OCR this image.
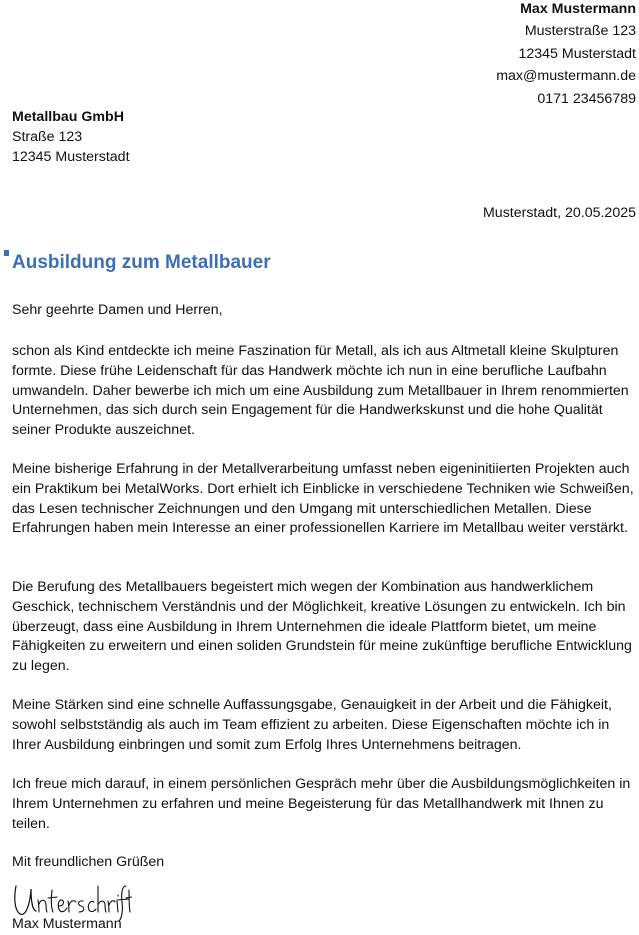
Max Mustermann
Musterstraße 123
12345 Musterstadt
max@mustermann.de
0171 23456789
Metallbau GmbH
Straße 123
12345 Musterstadt
Musterstadt, 20.05.2025
Ausbildung zum Metallbauer

Sehr geehrte Damen und Herren,

schon als Kind entdeckte ich meine Faszination für Metall, als ich aus Altmetall kleine Skulpturen formte. Diese frühe Leidenschaft für das Handwerk möchte ich nun in eine berufliche Laufbahn umwandeln. Daher bewerbe ich mich um eine Ausbildung zum Metallbauer in Ihrem renommierten Unternehmen, das sich durch sein Engagement für die Handwerkskunst und die hohe Qualität seiner Produkte auszeichnet.

Meine bisherige Erfahrung in der Metallverarbeitung umfasst neben eigeninitiierten Projekten auch ein Praktikum bei MetalWorks. Dort erhielt ich Einblicke in verschiedene Techniken wie Schweißen, das Lesen technischer Zeichnungen und den Umgang mit unterschiedlichen Metallen. Diese Erfahrungen haben mein Interesse an einer professionellen Karriere im Metallbau weiter verstärkt.

Die Berufung des Metallbauers begeistert mich wegen der Kombination aus handwerklichem Geschick, technischem Verständnis und der Möglichkeit, kreative Lösungen zu entwickeln. Ich bin überzeugt, dass eine Ausbildung in Ihrem Unternehmen die ideale Plattform bietet, um meine Fähigkeiten zu erweitern und einen soliden Grundstein für meine zukünftige berufliche Entwicklung zu legen.

Meine Stärken sind eine schnelle Auffassungsgabe, Genauigkeit in der Arbeit und die Fähigkeit, sowohl selbstständig als auch im Team effizient zu arbeiten. Diese Eigenschaften möchte ich in Ihrer Ausbildung einbringen und somit zum Erfolg Ihres Unternehmens beitragen.

Ich freue mich darauf, in einem persönlichen Gespräch mehr über die Ausbildungsmöglichkeiten in Ihrem Unternehmen zu erfahren und meine Begeisterung für das Metallhandwerk mit Ihnen zu teilen.

Mit freundlichen Grüßen

Max Mustermann
